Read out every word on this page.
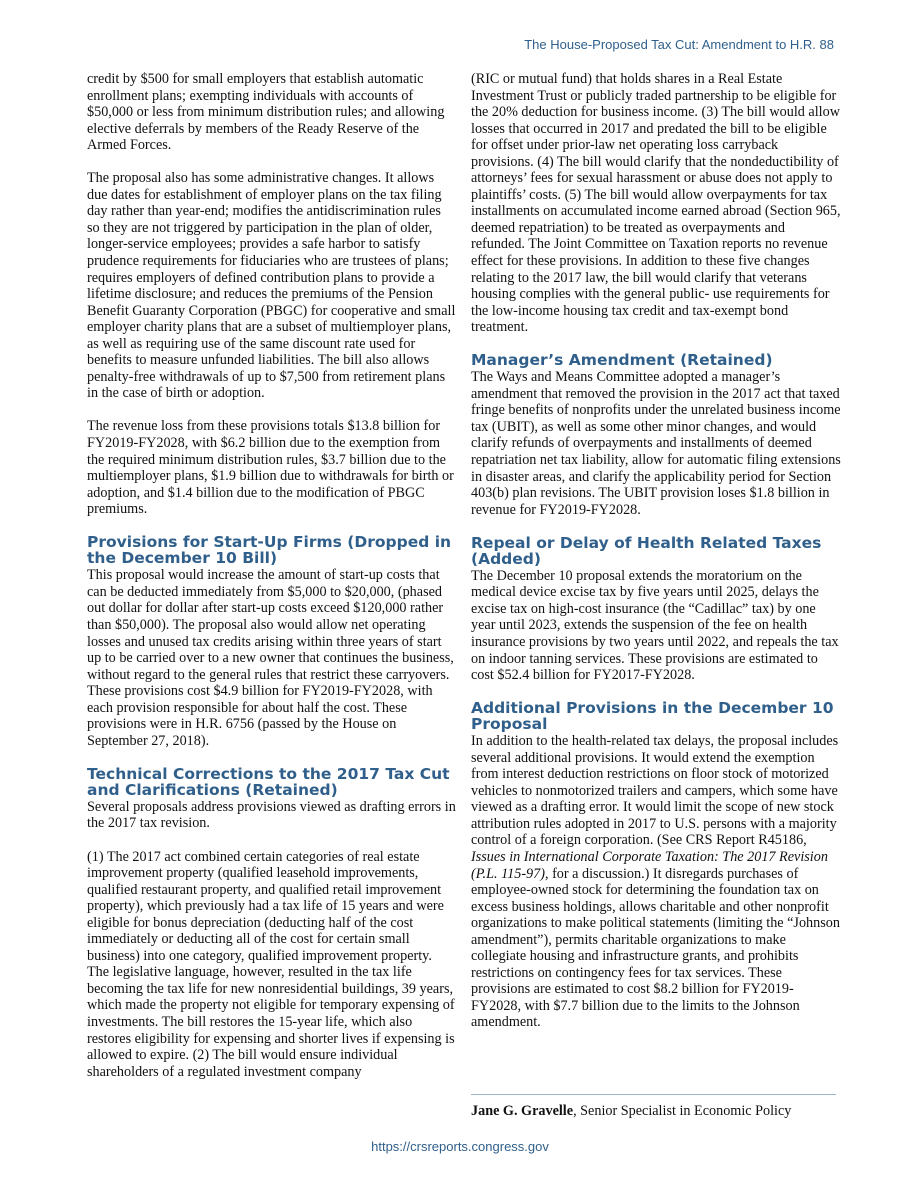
The House-Proposed Tax Cut: Amendment to H.R. 88

credit by $500 for small employers that establish automatic enrollment plans; exempting individuals with accounts of $50,000 or less from minimum distribution rules; and allowing elective deferrals by members of the Ready Reserve of the Armed Forces.

The proposal also has some administrative changes. It allows due dates for establishment of employer plans on the tax filing day rather than year-end; modifies the antidiscrimination rules so they are not triggered by participation in the plan of older, longer-service employees; provides a safe harbor to satisfy prudence requirements for fiduciaries who are trustees of plans; requires employers of defined contribution plans to provide a lifetime disclosure; and reduces the premiums of the Pension Benefit Guaranty Corporation (PBGC) for cooperative and small employer charity plans that are a subset of multiemployer plans, as well as requiring use of the same discount rate used for benefits to measure unfunded liabilities. The bill also allows penalty-free withdrawals of up to $7,500 from retirement plans in the case of birth or adoption.

The revenue loss from these provisions totals $13.8 billion for FY2019-FY2028, with $6.2 billion due to the exemption from the required minimum distribution rules, $3.7 billion due to the multiemployer plans, $1.9 billion due to withdrawals for birth or adoption, and $1.4 billion due to the modification of PBGC premiums.

Provisions for Start-Up Firms (Dropped in the December 10 Bill)

This proposal would increase the amount of start-up costs that can be deducted immediately from $5,000 to $20,000, (phased out dollar for dollar after start-up costs exceed $120,000 rather than $50,000). The proposal also would allow net operating losses and unused tax credits arising within three years of start up to be carried over to a new owner that continues the business, without regard to the general rules that restrict these carryovers. These provisions cost $4.9 billion for FY2019-FY2028, with each provision responsible for about half the cost. These provisions were in H.R. 6756 (passed by the House on September 27, 2018).

Technical Corrections to the 2017 Tax Cut and Clarifications (Retained)

Several proposals address provisions viewed as drafting errors in the 2017 tax revision.

(1) The 2017 act combined certain categories of real estate improvement property (qualified leasehold improvements, qualified restaurant property, and qualified retail improvement property), which previously had a tax life of 15 years and were eligible for bonus depreciation (deducting half of the cost immediately or deducting all of the cost for certain small business) into one category, qualified improvement property. The legislative language, however, resulted in the tax life becoming the tax life for new nonresidential buildings, 39 years, which made the property not eligible for temporary expensing of investments. The bill restores the 15-year life, which also restores eligibility for expensing and shorter lives if expensing is allowed to expire. (2) The bill would ensure individual shareholders of a regulated investment company

(RIC or mutual fund) that holds shares in a Real Estate Investment Trust or publicly traded partnership to be eligible for the 20% deduction for business income. (3) The bill would allow losses that occurred in 2017 and predated the bill to be eligible for offset under prior-law net operating loss carryback provisions. (4) The bill would clarify that the nondeductibility of attorneys’ fees for sexual harassment or abuse does not apply to plaintiffs’ costs. (5) The bill would allow overpayments for tax installments on accumulated income earned abroad (Section 965, deemed repatriation) to be treated as overpayments and refunded. The Joint Committee on Taxation reports no revenue effect for these provisions. In addition to these five changes relating to the 2017 law, the bill would clarify that veterans housing complies with the general public- use requirements for the low-income housing tax credit and tax-exempt bond treatment.

Manager’s Amendment (Retained)

The Ways and Means Committee adopted a manager’s amendment that removed the provision in the 2017 act that taxed fringe benefits of nonprofits under the unrelated business income tax (UBIT), as well as some other minor changes, and would clarify refunds of overpayments and installments of deemed repatriation net tax liability, allow for automatic filing extensions in disaster areas, and clarify the applicability period for Section 403(b) plan revisions. The UBIT provision loses $1.8 billion in revenue for FY2019-FY2028.

Repeal or Delay of Health Related Taxes (Added)

The December 10 proposal extends the moratorium on the medical device excise tax by five years until 2025, delays the excise tax on high-cost insurance (the “Cadillac” tax) by one year until 2023, extends the suspension of the fee on health insurance provisions by two years until 2022, and repeals the tax on indoor tanning services. These provisions are estimated to cost $52.4 billion for FY2017-FY2028.

Additional Provisions in the December 10 Proposal

In addition to the health-related tax delays, the proposal includes several additional provisions. It would extend the exemption from interest deduction restrictions on floor stock of motorized vehicles to nonmotorized trailers and campers, which some have viewed as a drafting error. It would limit the scope of new stock attribution rules adopted in 2017 to U.S. persons with a majority control of a foreign corporation. (See CRS Report R45186, Issues in International Corporate Taxation: The 2017 Revision (P.L. 115-97), for a discussion.) It disregards purchases of employee-owned stock for determining the foundation tax on excess business holdings, allows charitable and other nonprofit organizations to make political statements (limiting the “Johnson amendment”), permits charitable organizations to make collegiate housing and infrastructure grants, and prohibits restrictions on contingency fees for tax services. These provisions are estimated to cost $8.2 billion for FY2019-FY2028, with $7.7 billion due to the limits to the Johnson amendment.

Jane G. Gravelle, Senior Specialist in Economic Policy
https://crsreports.congress.gov
